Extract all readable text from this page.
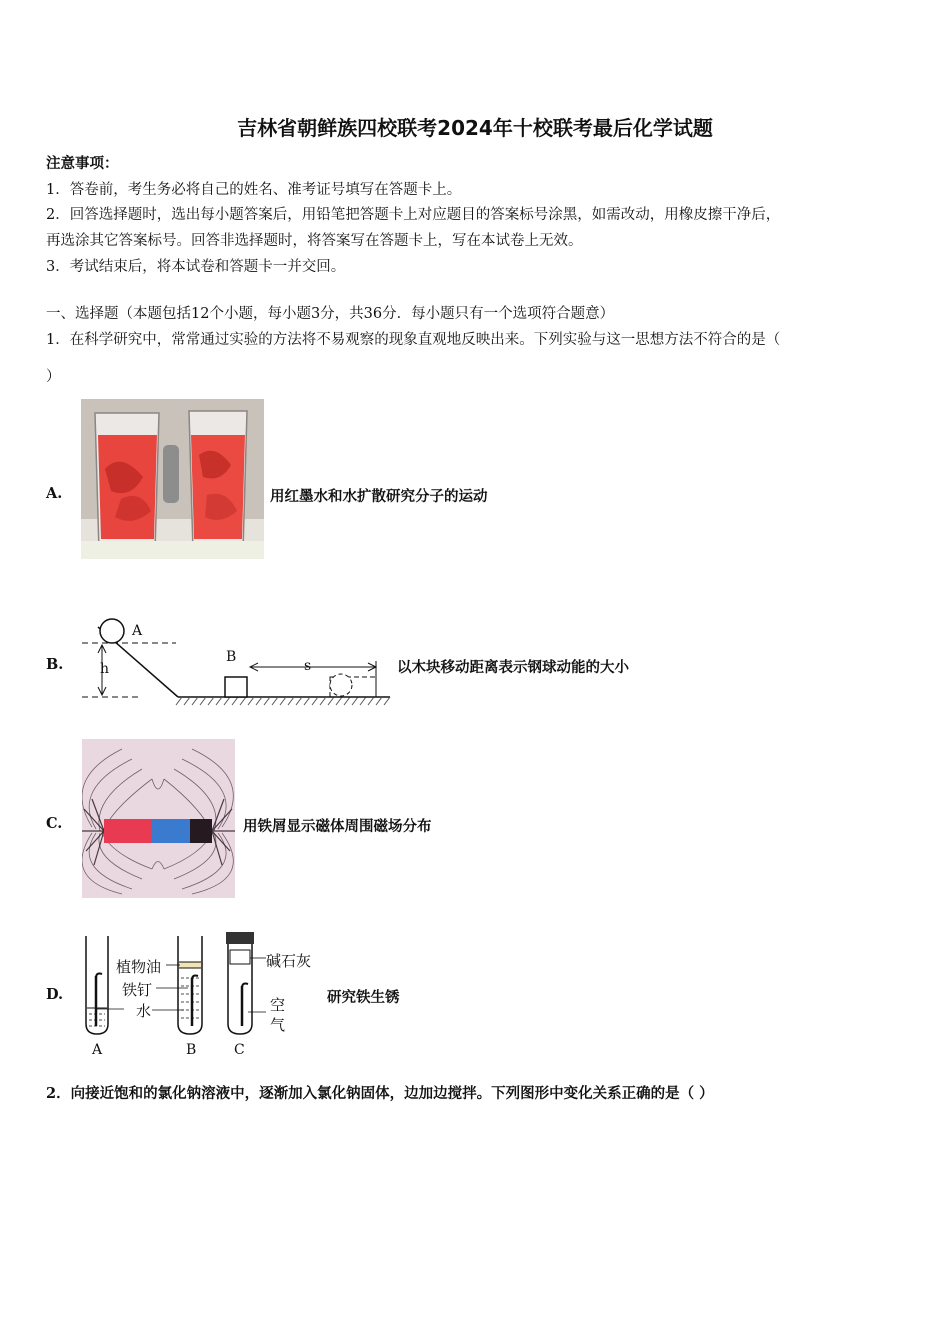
吉林省朝鲜族四校联考2024年十校联考最后化学试题
注意事项：
1．答卷前，考生务必将自己的姓名、准考证号填写在答题卡上。
2．回答选择题时，选出每小题答案后，用铅笔把答题卡上对应题目的答案标号涂黑，如需改动，用橡皮擦干净后，
再选涂其它答案标号。回答非选择题时，将答案写在答题卡上，写在本试卷上无效。
3．考试结束后，将本试卷和答题卡一并交回。
一、选择题（本题包括12个小题，每小题3分，共36分．每小题只有一个选项符合题意）
1．在科学研究中，常常通过实验的方法将不易观察的现象直观地反映出来。下列实验与这一思想方法不符合的是（
）
A.	用红墨水和水扩散研究分子的运动
B.
A
h
B
s	以木块移动距离表示钢球动能的大小
C.	用铁屑显示磁体周围磁场分布
D.
A	B	C
植物油
铁钉
水
碱石灰
空
气
研究铁生锈
2．向接近饱和的氯化钠溶液中，逐渐加入氯化钠固体，边加边搅拌。下列图形中变化关系正确的是（ ）
